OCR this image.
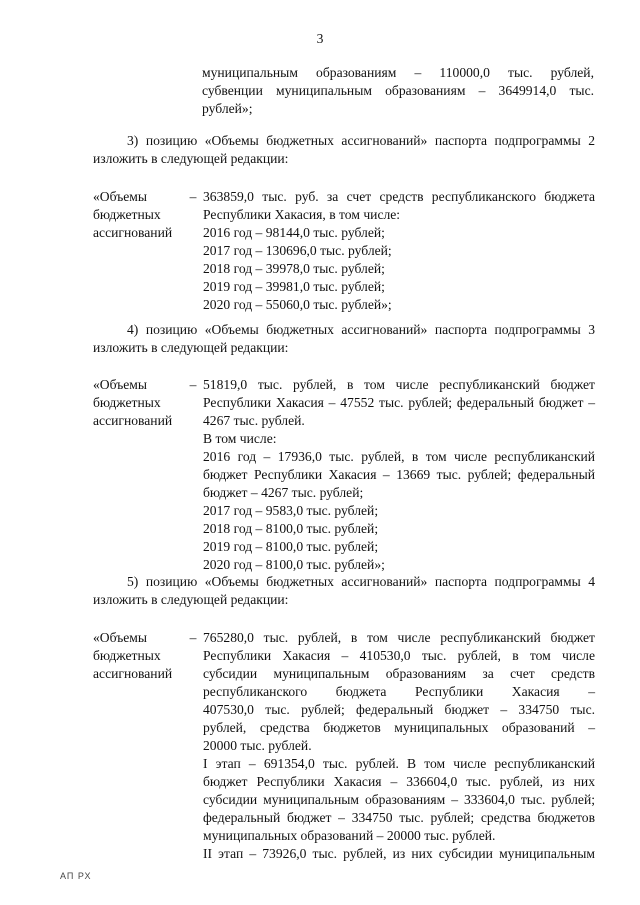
3
муниципальным образованиям – 110000,0 тыс. рублей,
субвенции муниципальным образованиям – 3649914,0 тыс.
рублей»;
3) позицию «Объемы бюджетных ассигнований» паспорта подпрограммы 2
изложить в следующей редакции:
«Объемы
бюджетных
ассигнований
– 363859,0 тыс. руб. за счет средств республиканского бюджета
Республики Хакасия, в том числе:
2016 год – 98144,0 тыс. рублей;
2017 год – 130696,0 тыс. рублей;
2018 год – 39978,0 тыс. рублей;
2019 год – 39981,0 тыс. рублей;
2020 год – 55060,0 тыс. рублей»;
4) позицию «Объемы бюджетных ассигнований» паспорта подпрограммы 3
изложить в следующей редакции:
«Объемы
бюджетных
ассигнований
– 51819,0 тыс. рублей, в том числе республиканский бюджет
Республики Хакасия – 47552 тыс. рублей; федеральный бюджет –
4267 тыс. рублей.
В том числе:
2016 год – 17936,0 тыс. рублей, в том числе республиканский
бюджет Республики Хакасия – 13669 тыс. рублей; федеральный
бюджет – 4267 тыс. рублей;
2017 год – 9583,0 тыс. рублей;
2018 год – 8100,0 тыс. рублей;
2019 год – 8100,0 тыс. рублей;
2020 год – 8100,0 тыс. рублей»;
5) позицию «Объемы бюджетных ассигнований» паспорта подпрограммы 4
изложить в следующей редакции:
«Объемы
бюджетных
ассигнований
– 765280,0 тыс. рублей, в том числе республиканский бюджет
Республики Хакасия – 410530,0 тыс. рублей, в том числе
субсидии муниципальным образованиям за счет средств
республиканского бюджета Республики Хакасия –
407530,0 тыс. рублей; федеральный бюджет – 334750 тыс.
рублей, средства бюджетов муниципальных образований –
20000 тыс. рублей.
I этап – 691354,0 тыс. рублей. В том числе республиканский
бюджет Республики Хакасия – 336604,0 тыс. рублей, из них
субсидии муниципальным образованиям – 333604,0 тыс. рублей;
федеральный бюджет – 334750 тыс. рублей; средства бюджетов
муниципальных образований – 20000 тыс. рублей.
II этап – 73926,0 тыс. рублей, из них субсидии муниципальным
АП РХ
